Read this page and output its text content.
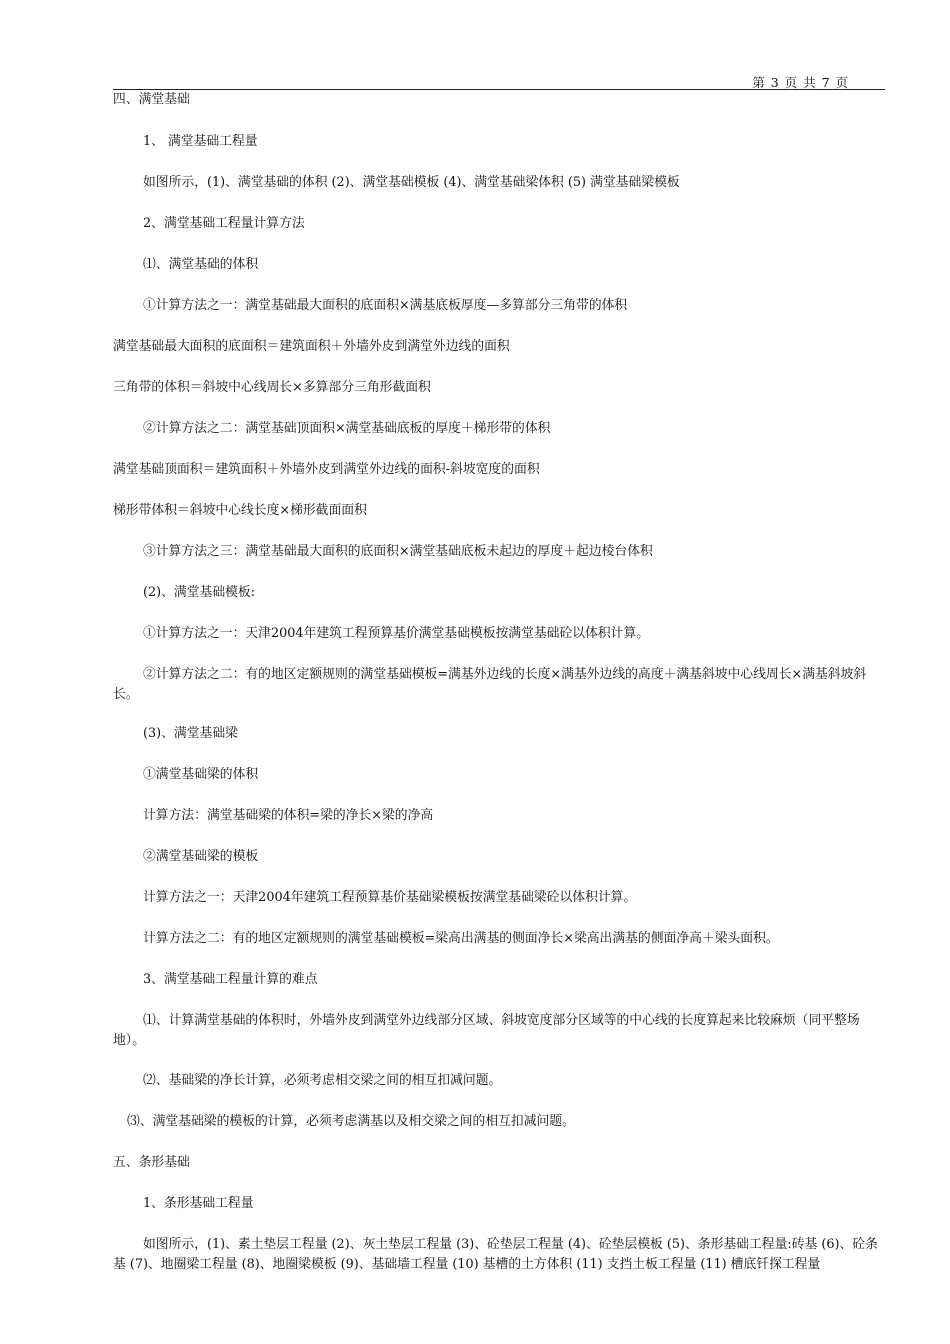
第 3 页 共 7 页

四、满堂基础

1、 满堂基础工程量

如图所示，(1)、满堂基础的体积 (2)、满堂基础模板 (4)、满堂基础梁体积 (5) 满堂基础梁模板

2、满堂基础工程量计算方法

⑴、满堂基础的体积

①计算方法之一：满堂基础最大面积的底面积×满基底板厚度—多算部分三角带的体积

满堂基础最大面积的底面积＝建筑面积＋外墙外皮到满堂外边线的面积

三角带的体积＝斜坡中心线周长×多算部分三角形截面积

②计算方法之二：满堂基础顶面积×满堂基础底板的厚度＋梯形带的体积

满堂基础顶面积＝建筑面积＋外墙外皮到满堂外边线的面积-斜坡宽度的面积

梯形带体积＝斜坡中心线长度×梯形截面面积

③计算方法之三：满堂基础最大面积的底面积×满堂基础底板未起边的厚度＋起边棱台体积

(2)、满堂基础模板:

①计算方法之一：天津2004年建筑工程预算基价满堂基础模板按满堂基础砼以体积计算。

②计算方法之二：有的地区定额规则的满堂基础模板=满基外边线的长度×满基外边线的高度＋满基斜坡中心线周长×满基斜坡斜长。

(3)、满堂基础梁

①满堂基础梁的体积

计算方法：满堂基础梁的体积=梁的净长×梁的净高

②满堂基础梁的模板

计算方法之一：天津2004年建筑工程预算基价基础梁模板按满堂基础梁砼以体积计算。

计算方法之二：有的地区定额规则的满堂基础模板=梁高出满基的侧面净长×梁高出满基的侧面净高＋梁头面积。

3、满堂基础工程量计算的难点

⑴、计算满堂基础的体积时，外墙外皮到满堂外边线部分区域、斜坡宽度部分区域等的中心线的长度算起来比较麻烦（同平整场地）。

⑵、基础梁的净长计算，必须考虑相交梁之间的相互扣减问题。

⑶、满堂基础梁的模板的计算，必须考虑满基以及相交梁之间的相互扣减问题。

五、条形基础

1、条形基础工程量

如图所示，(1)、素土垫层工程量 (2)、灰土垫层工程量 (3)、砼垫层工程量 (4)、砼垫层模板 (5)、条形基础工程量:砖基 (6)、砼条基 (7)、地圈梁工程量 (8)、地圈梁模板 (9)、基础墙工程量 (10) 基槽的土方体积 (11) 支挡土板工程量 (11) 槽底钎探工程量
